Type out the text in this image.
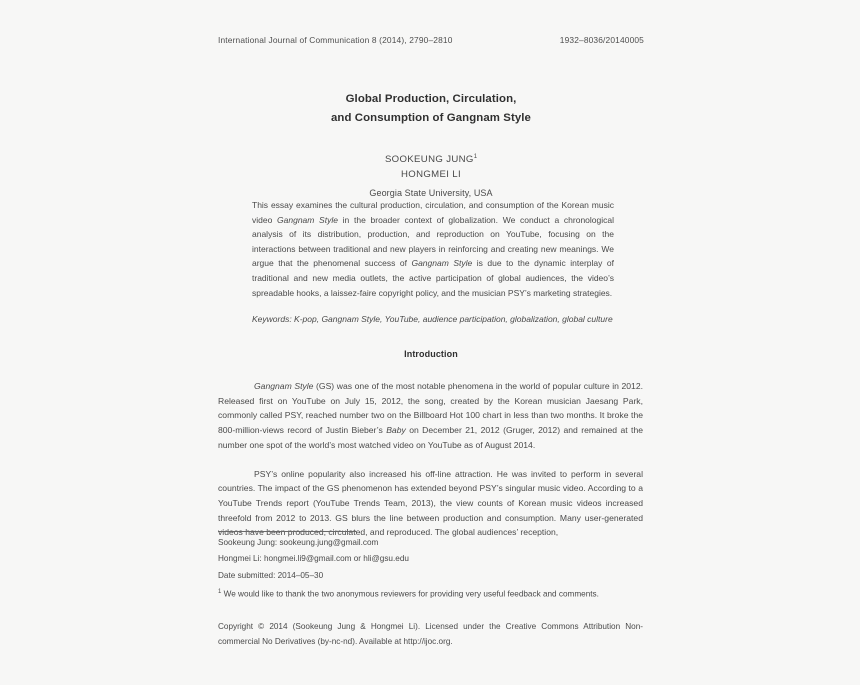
International Journal of Communication 8 (2014), 2790–2810	1932–8036/20140005
Global Production, Circulation,
and Consumption of Gangnam Style
SOOKEUNG JUNG$^1$
HONGMEI LI
Georgia State University, USA
This essay examines the cultural production, circulation, and consumption of the Korean music video Gangnam Style in the broader context of globalization. We conduct a chronological analysis of its distribution, production, and reproduction on YouTube, focusing on the interactions between traditional and new players in reinforcing and creating new meanings. We argue that the phenomenal success of Gangnam Style is due to the dynamic interplay of traditional and new media outlets, the active participation of global audiences, the video’s spreadable hooks, a laissez-faire copyright policy, and the musician PSY’s marketing strategies.
Keywords: K-pop, Gangnam Style, YouTube, audience participation, globalization, global culture
Introduction

Gangnam Style (GS) was one of the most notable phenomena in the world of popular culture in 2012. Released first on YouTube on July 15, 2012, the song, created by the Korean musician Jaesang Park, commonly called PSY, reached number two on the Billboard Hot 100 chart in less than two months. It broke the 800-million-views record of Justin Bieber’s Baby on December 21, 2012 (Gruger, 2012) and remained at the number one spot of the world’s most watched video on YouTube as of August 2014.

PSY’s online popularity also increased his off-line attraction. He was invited to perform in several countries. The impact of the GS phenomenon has extended beyond PSY’s singular music video. According to a YouTube Trends report (YouTube Trends Team, 2013), the view counts of Korean music videos increased threefold from 2012 to 2013. GS blurs the line between production and consumption. Many user-generated videos have been produced, circulated, and reproduced. The global audiences’ reception,

Sookeung Jung: sookeung.jung@gmail.com
Hongmei Li: hongmei.li9@gmail.com or hli@gsu.edu
Date submitted: 2014–05–30
$^1$ We would like to thank the two anonymous reviewers for providing very useful feedback and comments.
Copyright © 2014 (Sookeung Jung & Hongmei Li). Licensed under the Creative Commons Attribution Non-commercial No Derivatives (by-nc-nd). Available at http://ijoc.org.
